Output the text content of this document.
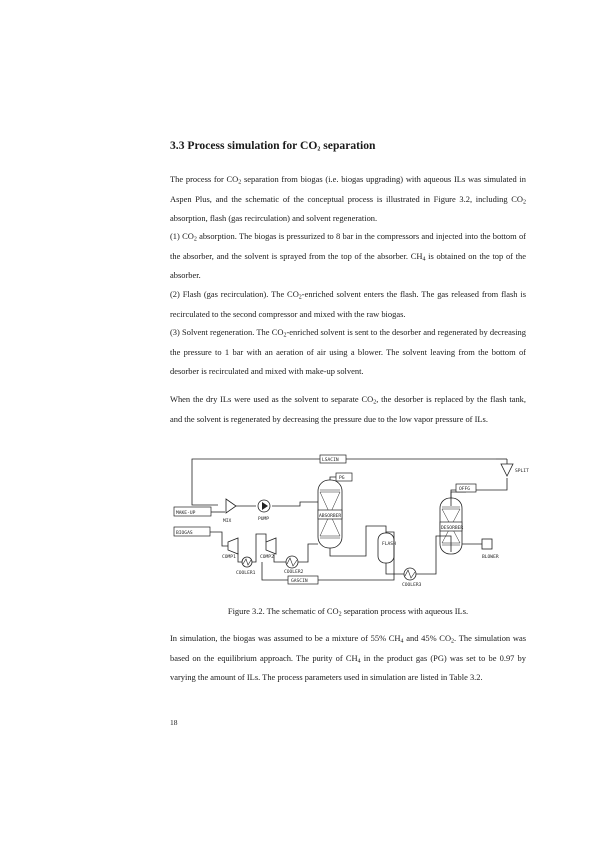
3.3 Process simulation for $CO_2$ separation

The process for $CO_2$ separation from biogas (i.e. biogas upgrading) with aqueous ILs was simulated in Aspen Plus, and the schematic of the conceptual process is illustrated in Figure 3.2, including $CO_2$ absorption, flash (gas recirculation) and solvent regeneration.

(1) $CO_2$ absorption. The biogas is pressurized to 8 bar in the compressors and injected into the bottom of the absorber, and the solvent is sprayed from the top of the absorber. $CH_4$ is obtained on the top of the absorber.

(2) Flash (gas recirculation). The $CO_2$-enriched solvent enters the flash. The gas released from flash is recirculated to the second compressor and mixed with the raw biogas.

(3) Solvent regeneration. The $CO_2$-enriched solvent is sent to the desorber and regenerated by decreasing the pressure to 1 bar with an aeration of air using a blower. The solvent leaving from the bottom of desorber is recirculated and mixed with make-up solvent.

When the dry ILs were used as the solvent to separate $CO_2$, the desorber is replaced by the flash tank, and the solvent is regenerated by decreasing the pressure due to the low vapor pressure of ILs.

LSACIN
SPLIT
PG
OFFG
MAKE-UP
MIX	PUMP
ABSORBER
DESORBER
BIOGAS
COMP1	COMP2
COOLER1	COOLER2
COOLER3
FLASH
BLOWER
GASCIN

Figure 3.2. The schematic of $CO_2$ separation process with aqueous ILs.

In simulation, the biogas was assumed to be a mixture of 55% $CH_4$ and 45% $CO_2$. The simulation was based on the equilibrium approach. The purity of $CH_4$ in the product gas (PG) was set to be 0.97 by varying the amount of ILs. The process parameters used in simulation are listed in Table 3.2.

18
